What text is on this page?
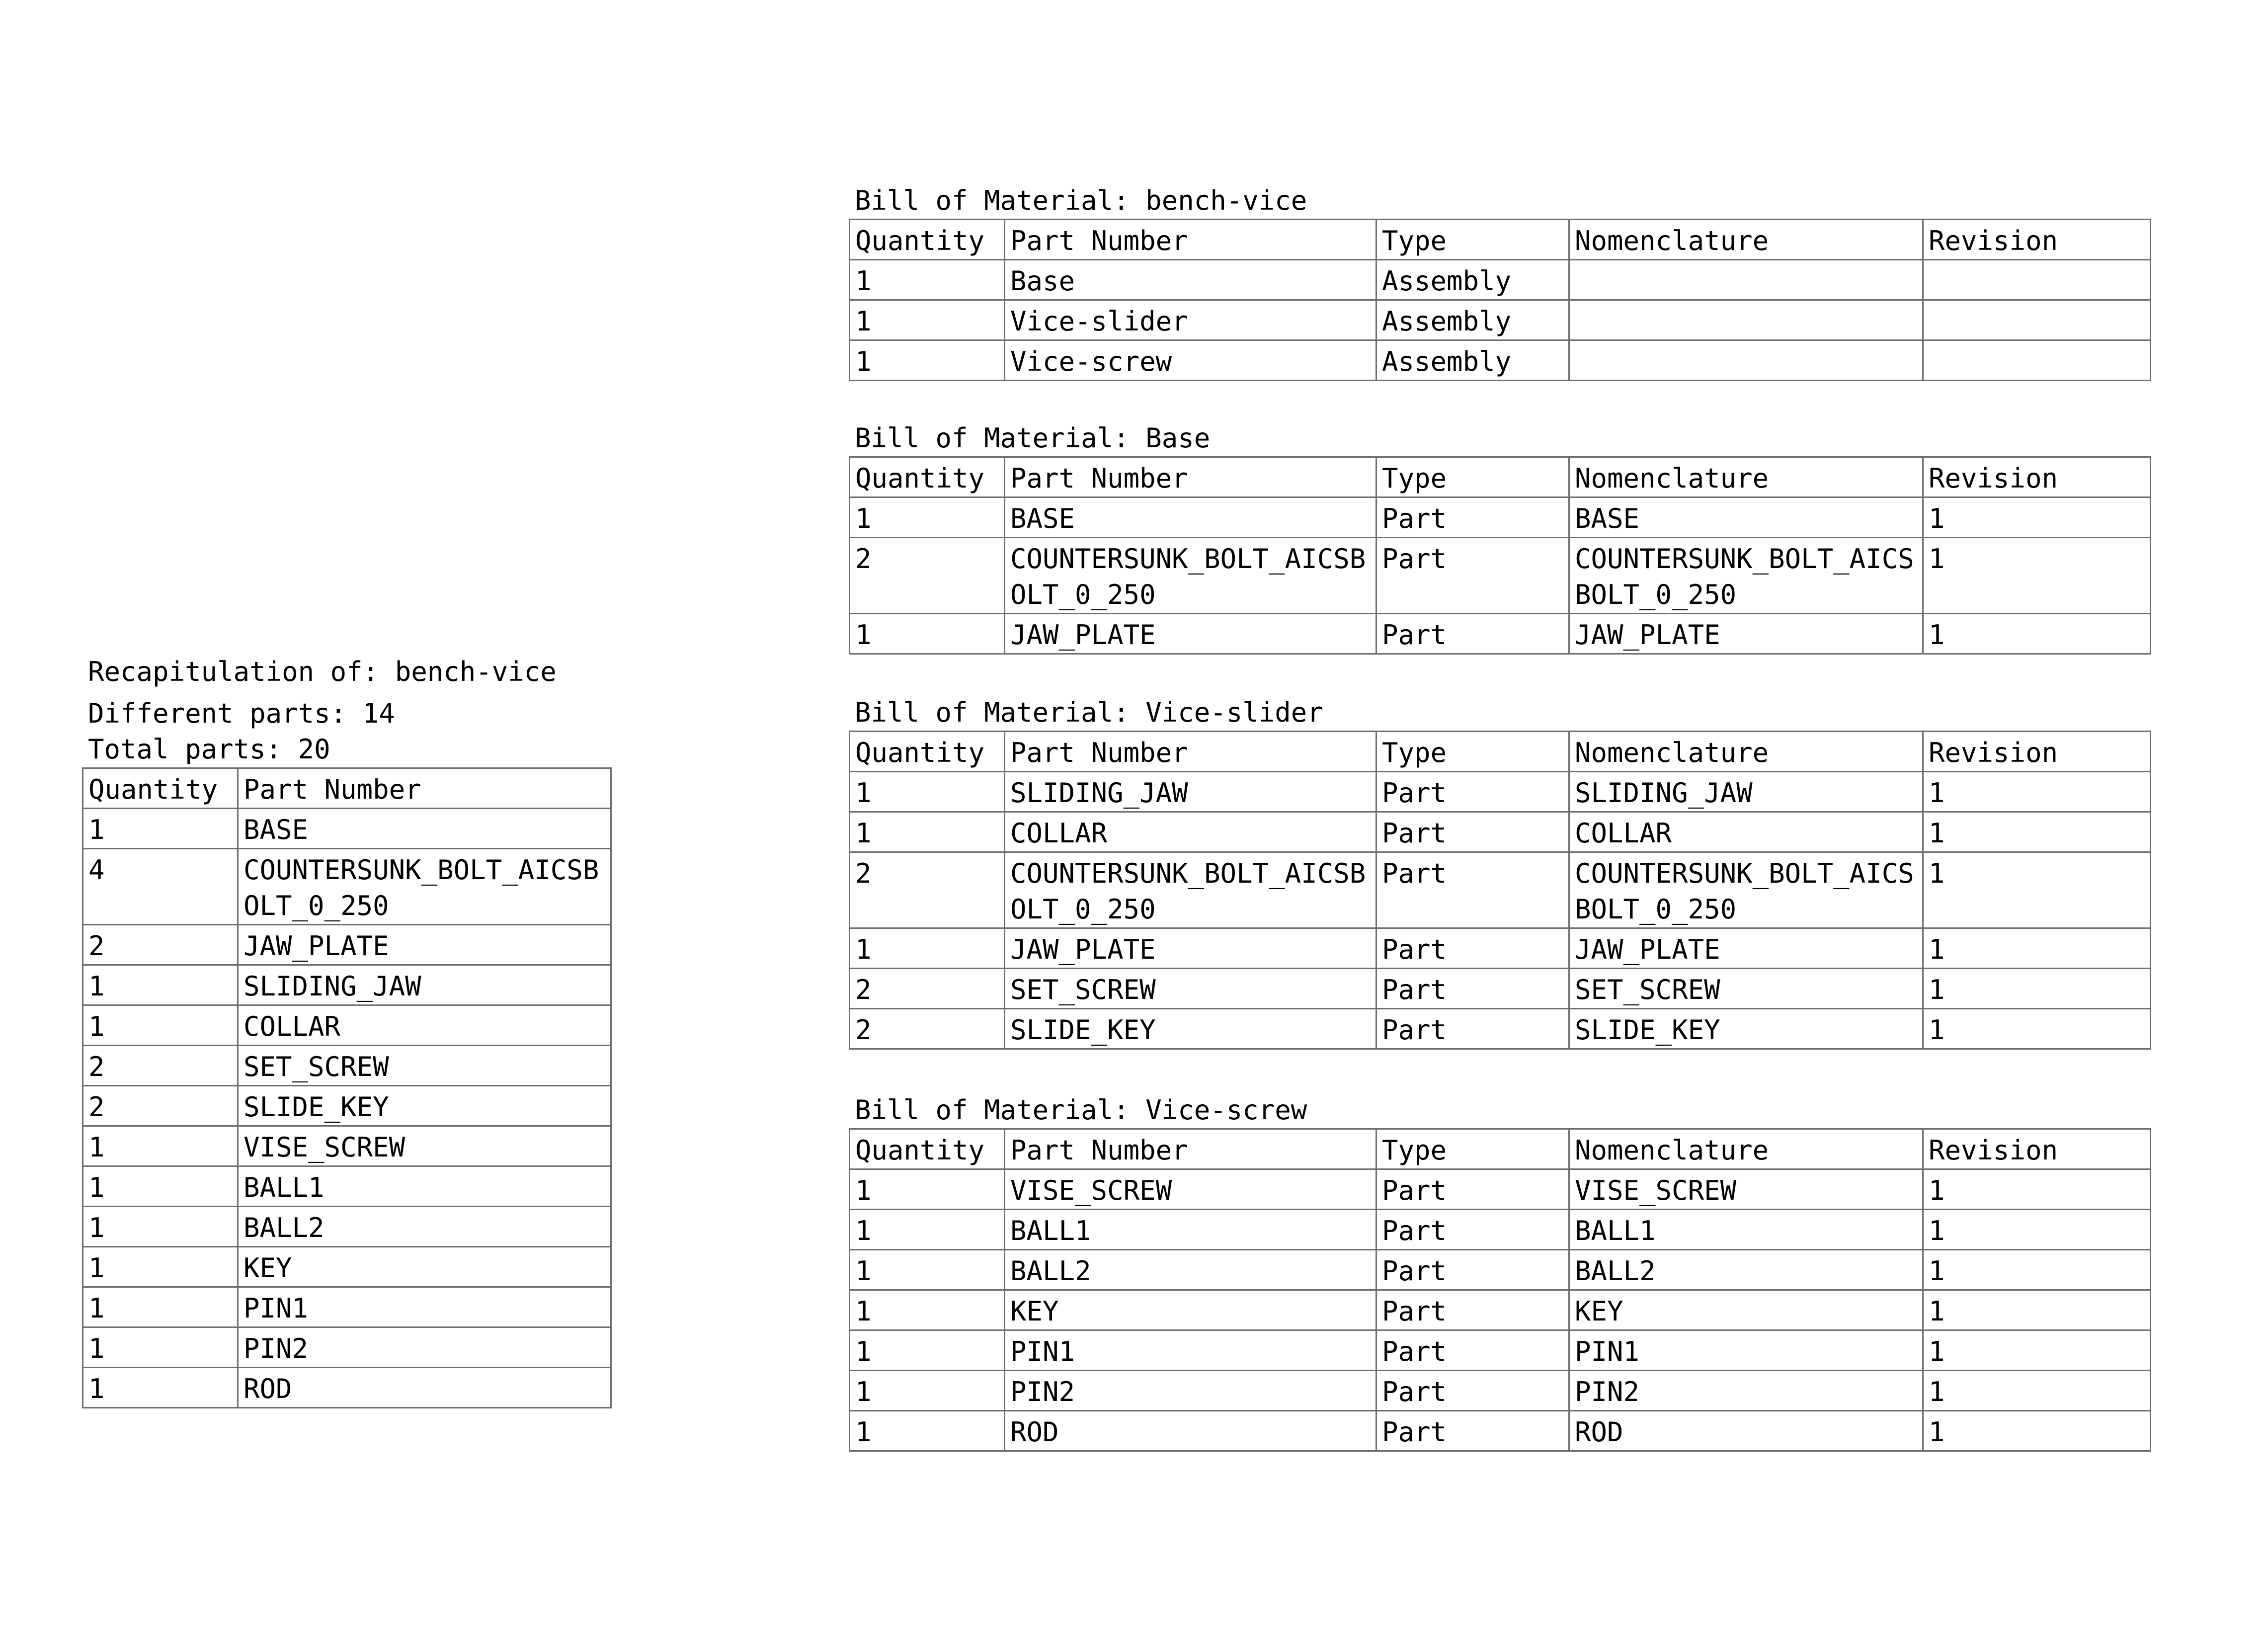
Recapitulation of: bench-vice
Different parts: 14
Total parts: 20
Quantity	Part Number
1	BASE
4	COUNTERSUNK_BOLT_AICSBOLT_0_250
2	JAW_PLATE
1	SLIDING_JAW
1	COLLAR
2	SET_SCREW
2	SLIDE_KEY
1	VISE_SCREW
1	BALL1
1	BALL2
1	KEY
1	PIN1
1	PIN2
1	ROD
Bill of Material: bench-vice
Quantity	Part Number	Type	Nomenclature	Revision
1	Base	Assembly		
1	Vice-slider	Assembly		
1	Vice-screw	Assembly		
Bill of Material: Base
Quantity	Part Number	Type	Nomenclature	Revision
1	BASE	Part	BASE	1
2	COUNTERSUNK_BOLT_AICSBOLT_0_250	Part	COUNTERSUNK_BOLT_AICSBOLT_0_250	1
1	JAW_PLATE	Part	JAW_PLATE	1
Bill of Material: Vice-slider
Quantity	Part Number	Type	Nomenclature	Revision
1	SLIDING_JAW	Part	SLIDING_JAW	1
1	COLLAR	Part	COLLAR	1
2	COUNTERSUNK_BOLT_AICSBOLT_0_250	Part	COUNTERSUNK_BOLT_AICSBOLT_0_250	1
1	JAW_PLATE	Part	JAW_PLATE	1
2	SET_SCREW	Part	SET_SCREW	1
2	SLIDE_KEY	Part	SLIDE_KEY	1
Bill of Material: Vice-screw
Quantity	Part Number	Type	Nomenclature	Revision
1	VISE_SCREW	Part	VISE_SCREW	1
1	BALL1	Part	BALL1	1
1	BALL2	Part	BALL2	1
1	KEY	Part	KEY	1
1	PIN1	Part	PIN1	1
1	PIN2	Part	PIN2	1
1	ROD	Part	ROD	1
